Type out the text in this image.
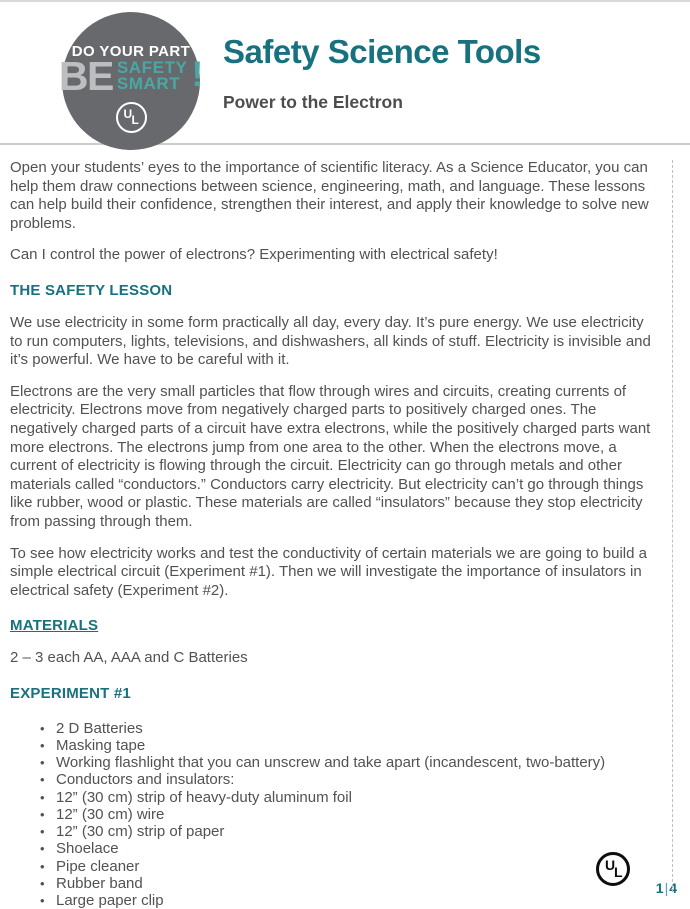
DO YOUR PART
BE SAFETY
SMART !
U L
Safety Science Tools
Power to the Electron

Open your students’ eyes to the importance of scientific literacy. As a Science Educator, you can help them draw connections between science, engineering, math, and language. These lessons can help build their confidence, strengthen their interest, and apply their knowledge to solve new problems.

Can I control the power of electrons? Experimenting with electrical safety!

THE SAFETY LESSON

We use electricity in some form practically all day, every day. It’s pure energy. We use electricity to run computers, lights, televisions, and dishwashers, all kinds of stuff. Electricity is invisible and it’s powerful. We have to be careful with it.

Electrons are the very small particles that flow through wires and circuits, creating currents of electricity. Electrons move from negatively charged parts to positively charged ones. The negatively charged parts of a circuit have extra electrons, while the positively charged parts want more electrons. The electrons jump from one area to the other. When the electrons move, a current of electricity is flowing through the circuit. Electricity can go through metals and other materials called “conductors.” Conductors carry electricity. But electricity can’t go through things like rubber, wood or plastic. These materials are called “insulators” because they stop electricity from passing through them.

To see how electricity works and test the conductivity of certain materials we are going to build a simple electrical circuit (Experiment #1). Then we will investigate the importance of insulators in electrical safety (Experiment #2).

MATERIALS

2 – 3 each AA, AAA and C Batteries

EXPERIMENT #1
• 2 D Batteries
• Masking tape
• Working flashlight that you can unscrew and take apart (incandescent, two-battery)
• Conductors and insulators:
• 12” (30 cm) strip of heavy-duty aluminum foil
• 12” (30 cm) wire
• 12” (30 cm) strip of paper
• Shoelace
• Pipe cleaner
• Rubber band
• Large paper clip
U
L
1|4
